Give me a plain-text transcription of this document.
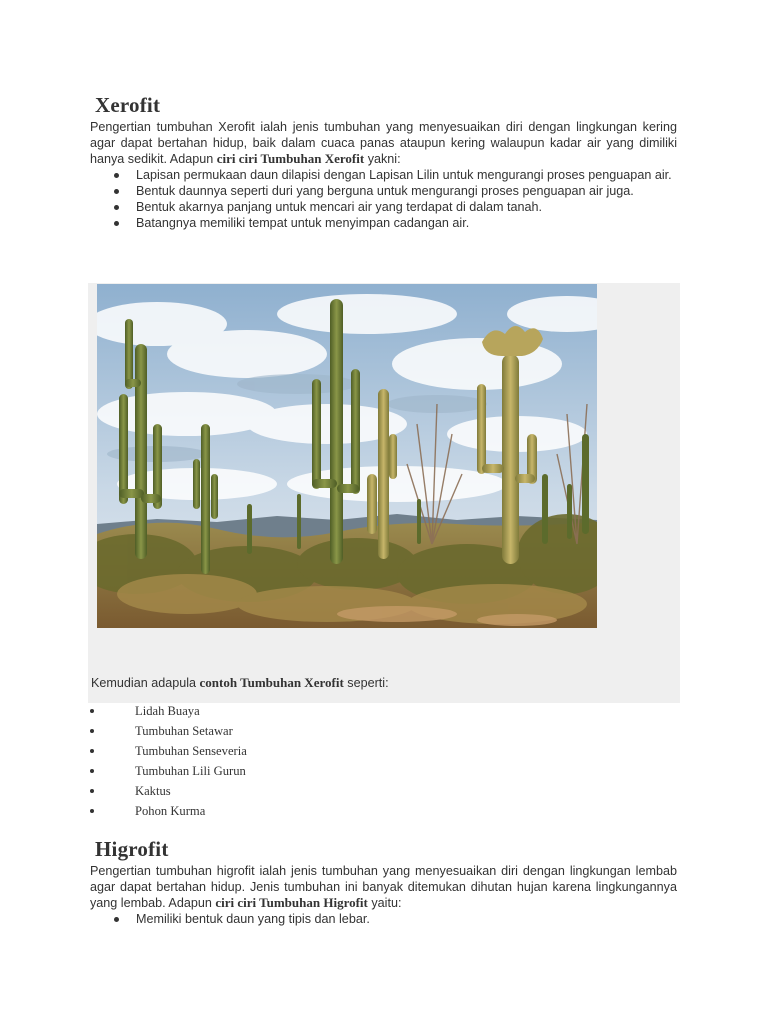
Xerofit

Pengertian tumbuhan Xerofit ialah jenis tumbuhan yang menyesuaikan diri dengan lingkungan kering agar dapat bertahan hidup, baik dalam cuaca panas ataupun kering walaupun kadar air yang dimiliki hanya sedikit. Adapun ciri ciri Tumbuhan Xerofit yakni:

Lapisan permukaan daun dilapisi dengan Lapisan Lilin untuk mengurangi proses penguapan air.
Bentuk daunnya seperti duri yang berguna untuk mengurangi proses penguapan air juga.
Bentuk akarnya panjang untuk mencari air yang terdapat di dalam tanah.
Batangnya memiliki tempat untuk menyimpan cadangan air.
Kemudian adapula contoh Tumbuhan Xerofit seperti:
Lidah Buaya
Tumbuhan Setawar
Tumbuhan Senseveria
Tumbuhan Lili Gurun
Kaktus
Pohon Kurma
Higrofit

Pengertian tumbuhan higrofit ialah jenis tumbuhan yang menyesuaikan diri dengan lingkungan lembab agar dapat bertahan hidup. Jenis tumbuhan ini banyak ditemukan dihutan hujan karena lingkungannya yang lembab. Adapun ciri ciri Tumbuhan Higrofit yaitu:

Memiliki bentuk daun yang tipis dan lebar.
